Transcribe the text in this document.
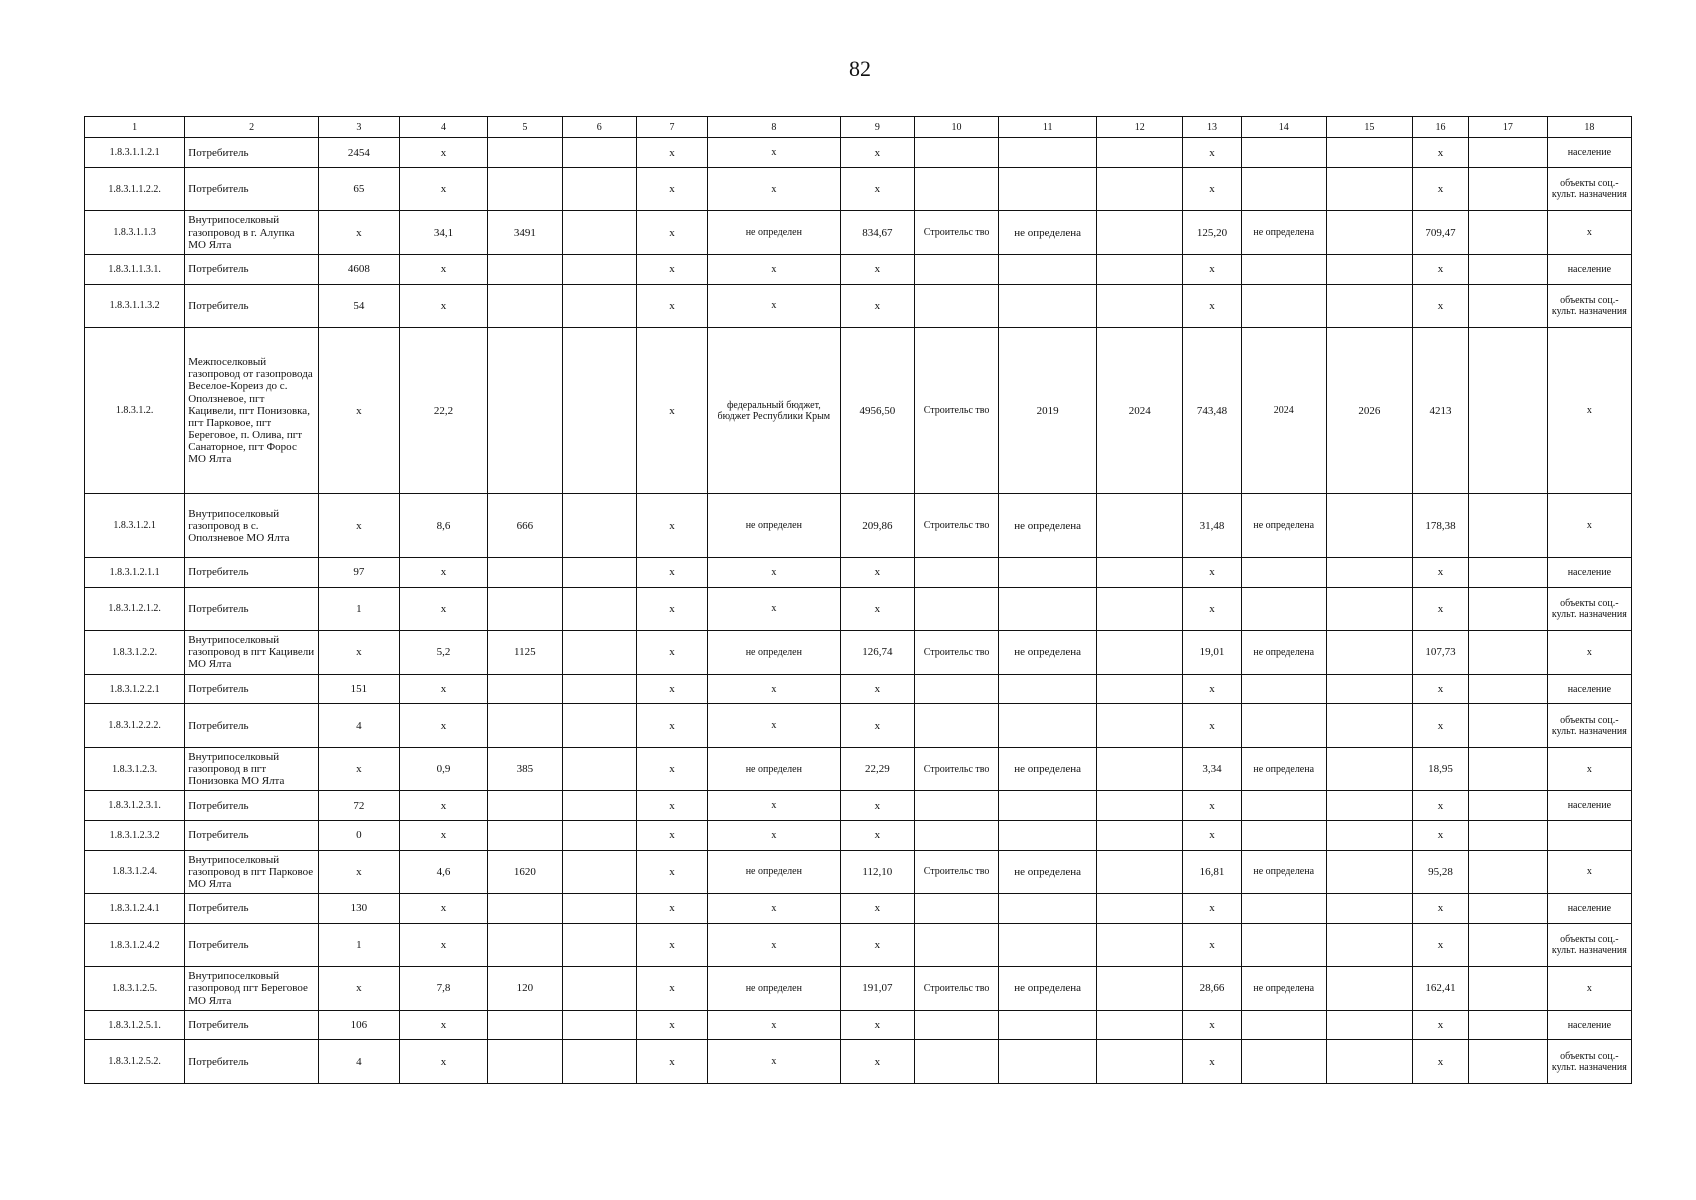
82
1	2	3	4	5	6	7	8	9	10	11	12	13	14	15	16	17	18
1.8.3.1.1.2.1	Потребитель	2454	x			x	x	x				x			x		население
1.8.3.1.1.2.2.	Потребитель	65	x			x	x	x				x			x		объекты соц.-культ. назначения
1.8.3.1.1.3	Внутрипоселковый газопровод в г. Алупка МО Ялта	x	34,1	3491		x	не определен	834,67	Строительс тво	не определена		125,20	не определена		709,47		x
1.8.3.1.1.3.1.	Потребитель	4608	x			x	x	x				x			x		население
1.8.3.1.1.3.2	Потребитель	54	x			x	x	x				x			x		объекты соц.-культ. назначения
1.8.3.1.2.	Межпоселковый газопровод от газопровода Веселое-Кореиз до с. Оползневое, пгт Кацивели, пгт Понизовка, пгт Парковое, пгт Береговое, п. Олива, пгт Санаторное, пгт Форос МО Ялта	x	22,2			x	федеральный бюджет, бюджет Республики Крым	4956,50	Строительс тво	2019	2024	743,48	2024	2026	4213		x
1.8.3.1.2.1	Внутрипоселковый газопровод в с. Оползневое МО Ялта	x	8,6	666		x	не определен	209,86	Строительс тво	не определена		31,48	не определена		178,38		x
1.8.3.1.2.1.1	Потребитель	97	x			x	x	x				x			x		население
1.8.3.1.2.1.2.	Потребитель	1	x			x	x	x				x			x		объекты соц.-культ. назначения
1.8.3.1.2.2.	Внутрипоселковый газопровод в пгт Кацивели МО Ялта	x	5,2	1125		x	не определен	126,74	Строительс тво	не определена		19,01	не определена		107,73		x
1.8.3.1.2.2.1	Потребитель	151	x			x	x	x				x			x		население
1.8.3.1.2.2.2.	Потребитель	4	x			x	x	x				x			x		объекты соц.-культ. назначения
1.8.3.1.2.3.	Внутрипоселковый газопровод в пгт Понизовка МО Ялта	x	0,9	385		x	не определен	22,29	Строительс тво	не определена		3,34	не определена		18,95		x
1.8.3.1.2.3.1.	Потребитель	72	x			x	x	x				x			x		население
1.8.3.1.2.3.2	Потребитель	0	x			x	x	x				x			x		
1.8.3.1.2.4.	Внутрипоселковый газопровод в пгт Парковое МО Ялта	x	4,6	1620		x	не определен	112,10	Строительс тво	не определена		16,81	не определена		95,28		x
1.8.3.1.2.4.1	Потребитель	130	x			x	x	x				x			x		население
1.8.3.1.2.4.2	Потребитель	1	x			x	x	x				x			x		объекты соц.-культ. назначения
1.8.3.1.2.5.	Внутрипоселковый газопровод пгт Береговое МО Ялта	x	7,8	120		x	не определен	191,07	Строительс тво	не определена		28,66	не определена		162,41		x
1.8.3.1.2.5.1.	Потребитель	106	x			x	x	x				x			x		население
1.8.3.1.2.5.2.	Потребитель	4	x			x	x	x				x			x		объекты соц.-культ. назначения
